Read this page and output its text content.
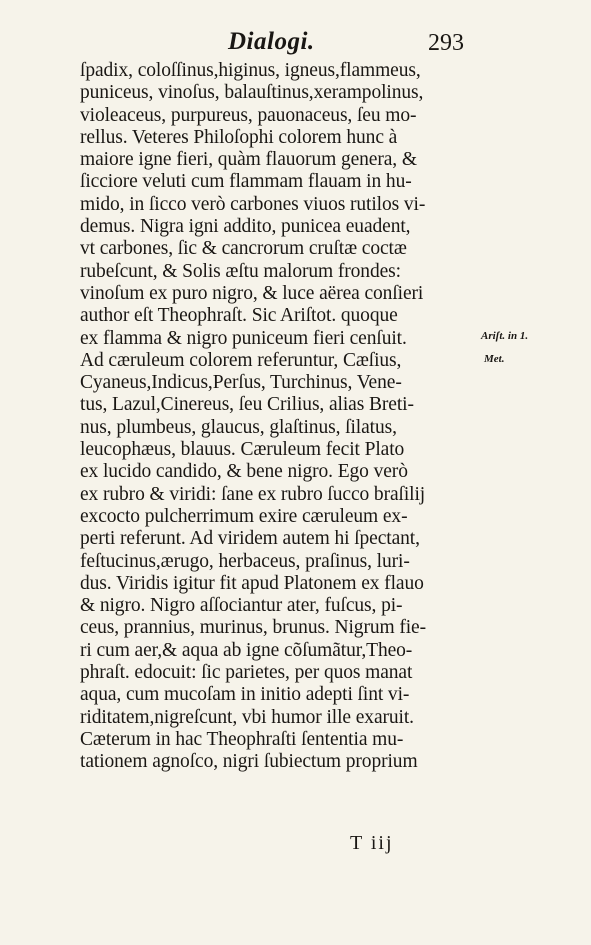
Dialogi.	293
ſpadix, coloſſinus,higinus, igneus,flammeus,
puniceus, vinoſus, balauſtinus,xerampolinus,
violeaceus, purpureus, pauonaceus, ſeu mo-
rellus. Veteres Philoſophi colorem hunc à
maiore igne fieri, quàm flauorum genera, &
ſicciore veluti cum flammam flauam in hu-
mido, in ſicco verò carbones viuos rutilos vi-
demus. Nigra igni addito, punicea euadent,
vt carbones, ſic & cancrorum cruſtæ coctæ
rubeſcunt, & Solis æſtu malorum frondes:
vinoſum ex puro nigro, & luce aërea conſieri
author eſt Theophraſt. Sic Ariſtot. quoque
ex flamma & nigro puniceum fieri cenſuit.
Ad cæruleum colorem referuntur, Cæſius,
Cyaneus,Indicus,Perſus, Turchinus, Vene-
tus, Lazul,Cinereus, ſeu Crilius, alias Breti-
nus, plumbeus, glaucus, glaſtinus, ſilatus,
leucophæus, blauus. Cæruleum fecit Plato
ex lucido candido, & bene nigro. Ego verò
ex rubro & viridi: ſane ex rubro ſucco braſilij
excocto pulcherrimum exire cæruleum ex-
perti referunt. Ad viridem autem hi ſpectant,
feſtucinus,ærugo, herbaceus, praſinus, luri-
dus. Viridis igitur fit apud Platonem ex flauo
& nigro. Nigro aſſociantur ater, fuſcus, pi-
ceus, prannius, murinus, brunus. Nigrum fie-
ri cum aer,& aqua ab igne cõſumãtur,Theo-
phraſt. edocuit: ſic parietes, per quos manat
aqua, cum mucoſam in initio adepti ſint vi-
riditatem,nigreſcunt, vbi humor ille exaruit.
Cæterum in hac Theophraſti ſententia mu-
tationem agnoſco, nigri ſubiectum proprium
Ariſt. in 1.
Met.
T iij
